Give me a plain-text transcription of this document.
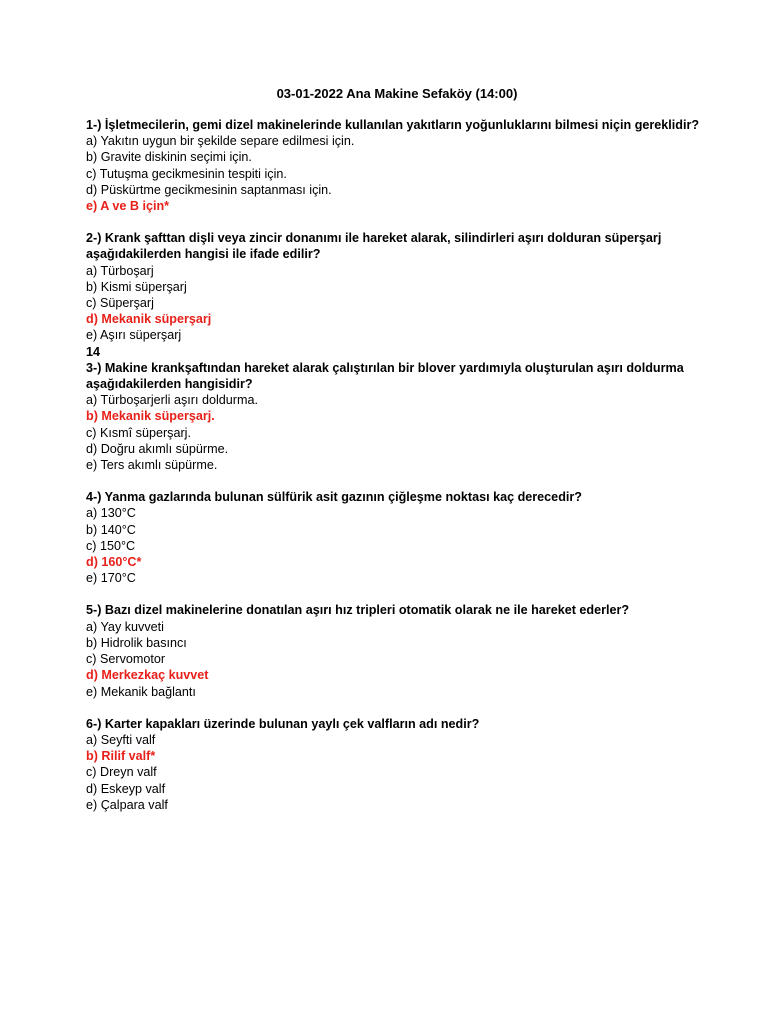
03-01-2022 Ana Makine Sefaköy (14:00)

1-) İşletmecilerin, gemi dizel makinelerinde kullanılan yakıtların yoğunluklarını bilmesi niçin gereklidir?

a) Yakıtın uygun bir şekilde separe edilmesi için.
b) Gravite diskinin seçimi için.
c) Tutuşma gecikmesinin tespiti için.
d) Püskürtme gecikmesinin saptanması için.
e) A ve B için*

2-) Krank şafttan dişli veya zincir donanımı ile hareket alarak, silindirleri aşırı dolduran süperşarj aşağıdakilerden hangisi ile ifade edilir?

a) Türboşarj
b) Kismi süperşarj
c) Süperşarj
d) Mekanik süperşarj
e) Aşırı süperşarj

14

3-) Makine krankşaftından hareket alarak çalıştırılan bir blover yardımıyla oluşturulan aşırı doldurma aşağıdakilerden hangisidir?

a) Türboşarjerli aşırı doldurma.
b) Mekanik süperşarj.
c) Kısmî süperşarj.
d) Doğru akımlı süpürme.
e) Ters akımlı süpürme.

4-) Yanma gazlarında bulunan sülfürik asit gazının çiğleşme noktası kaç derecedir?

a) 130°C
b) 140°C
c) 150°C
d) 160°C*
e) 170°C

5-) Bazı dizel makinelerine donatılan aşırı hız tripleri otomatik olarak ne ile hareket ederler?

a) Yay kuvveti
b) Hidrolik basıncı
c) Servomotor
d) Merkezkaç kuvvet
e) Mekanik bağlantı

6-) Karter kapakları üzerinde bulunan yaylı çek valfların adı nedir?

a) Seyfti valf
b) Rilif valf*
c) Dreyn valf
d) Eskeyp valf
e) Çalpara valf
